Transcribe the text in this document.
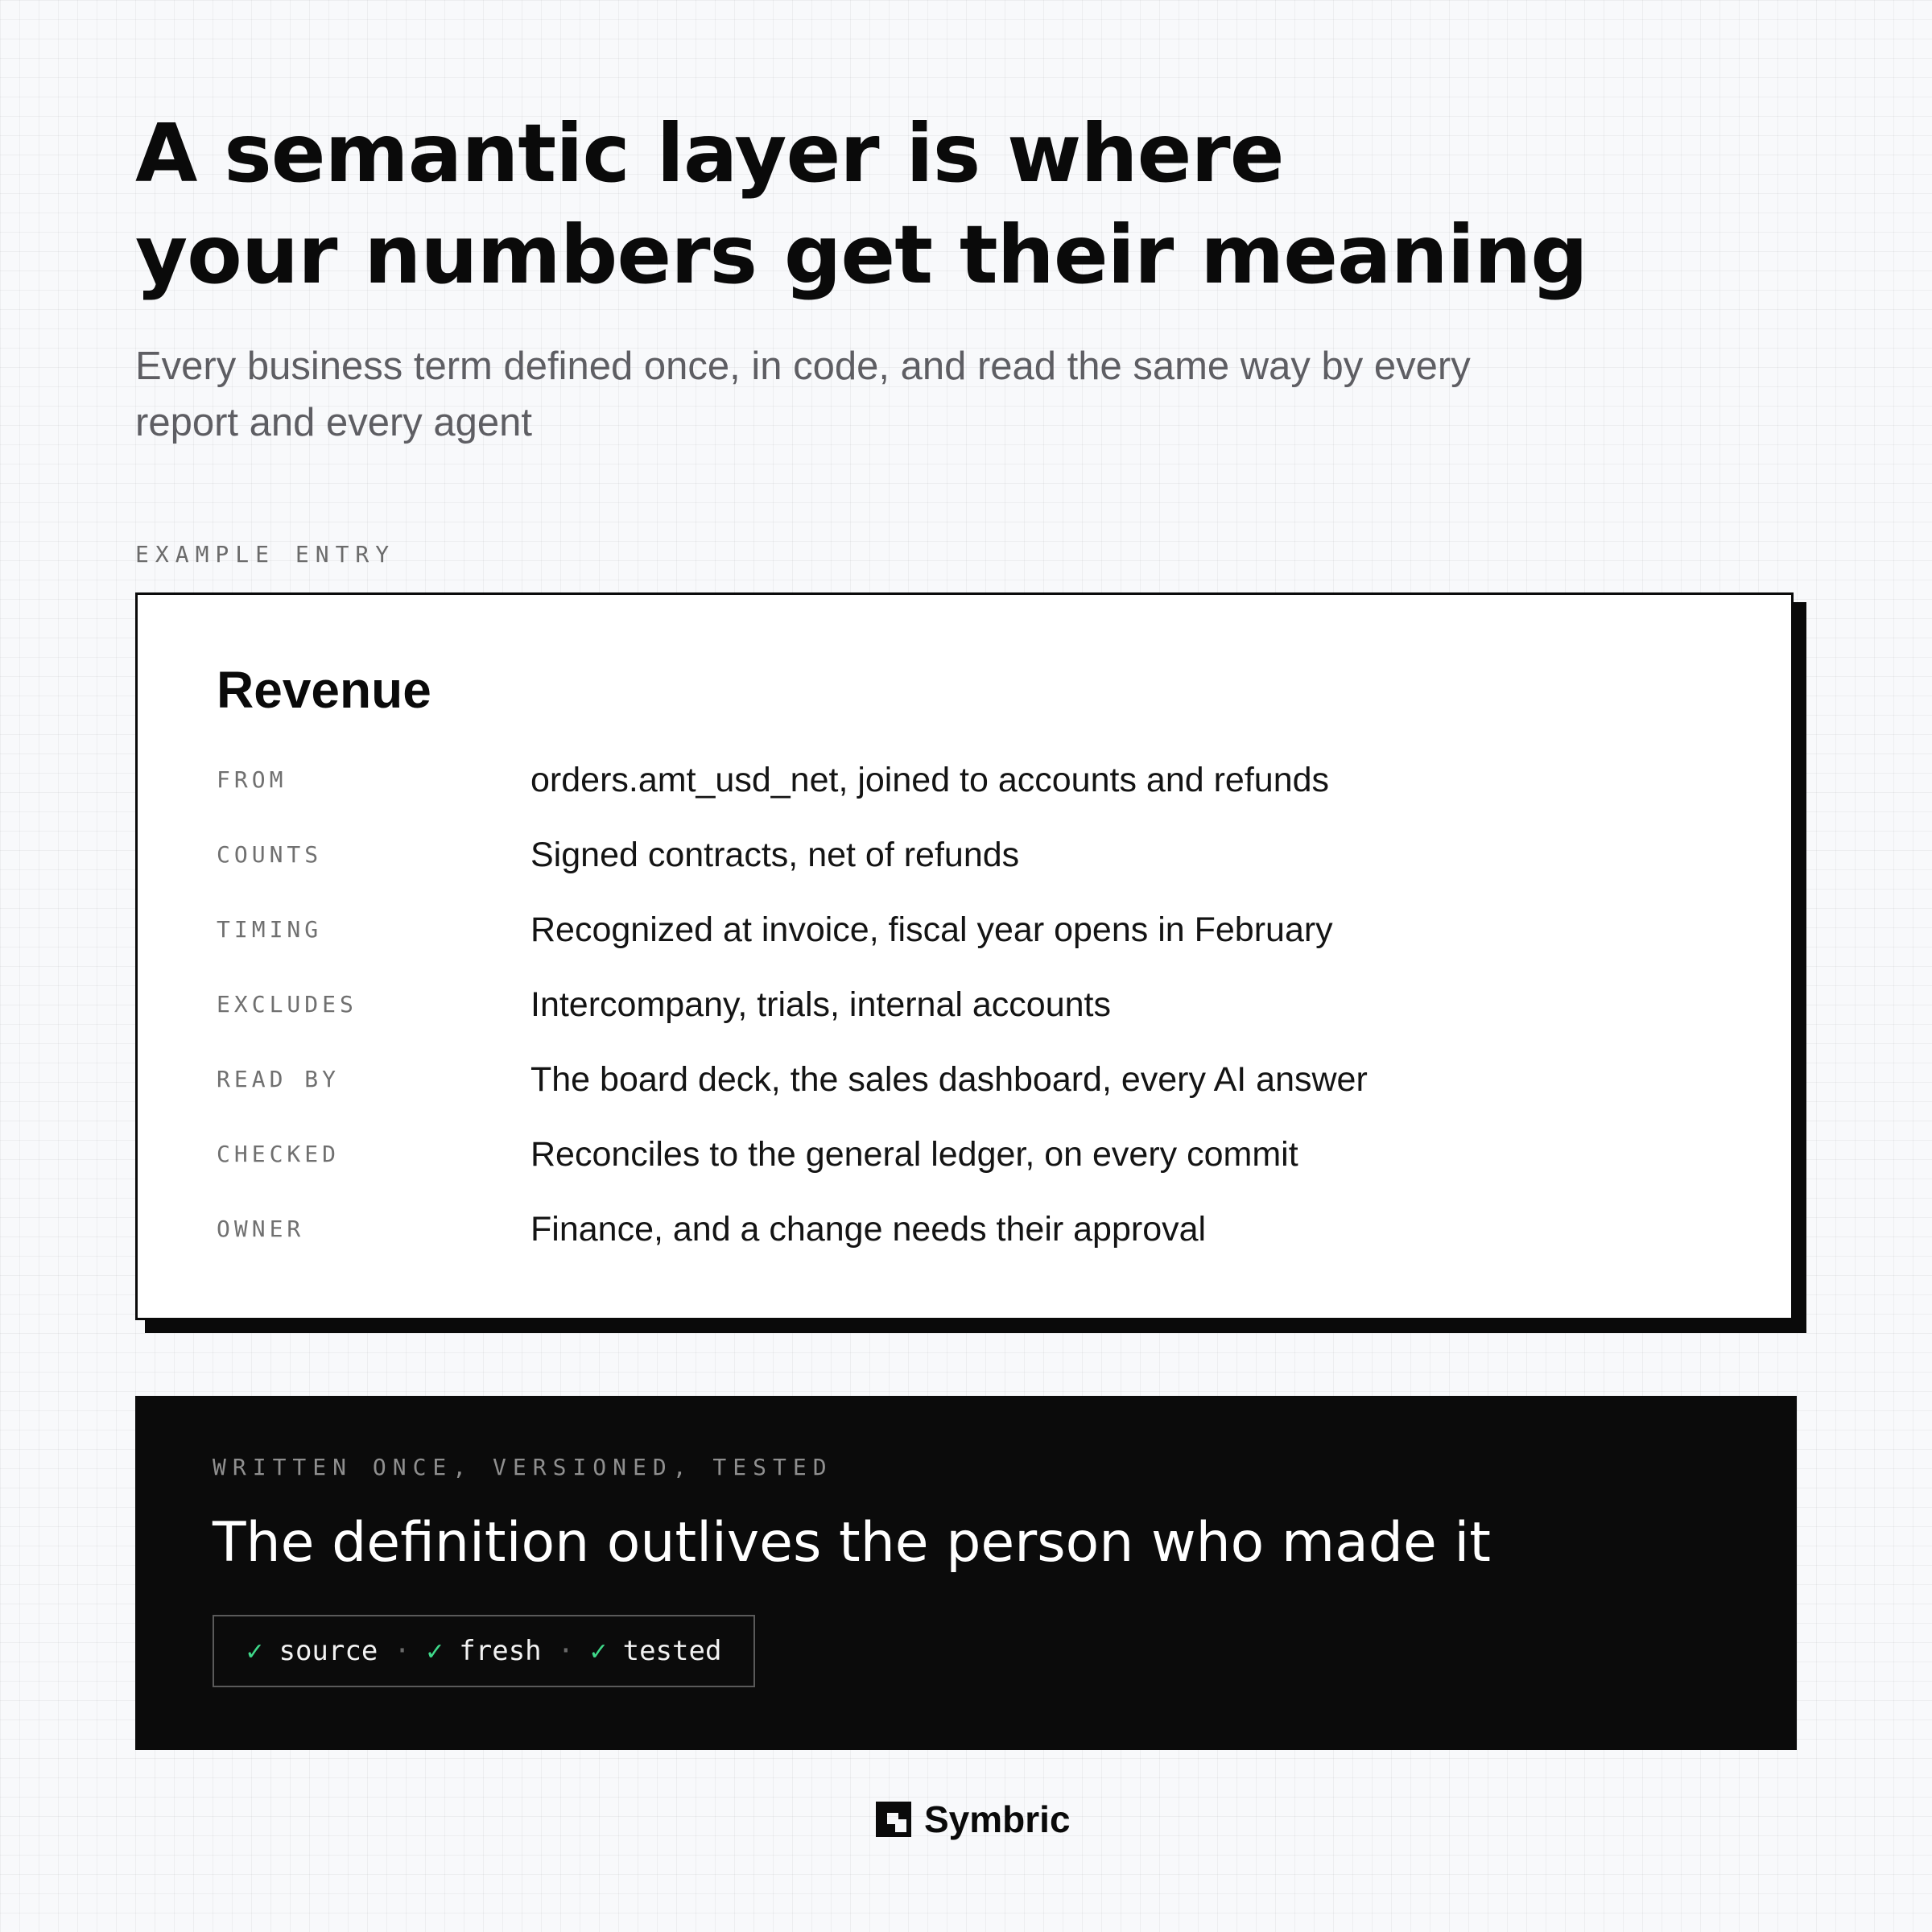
A semantic layer is where
your numbers get their meaning

Every business term defined once, in code, and read the same way by every report and every agent

EXAMPLE ENTRY
Revenue
FROM	orders.amt_usd_net, joined to accounts and refunds
COUNTS	Signed contracts, net of refunds
TIMING	Recognized at invoice, fiscal year opens in February
EXCLUDES	Intercompany, trials, internal accounts
READ BY	The board deck, the sales dashboard, every AI answer
CHECKED	Reconciles to the general ledger, on every commit
OWNER	Finance, and a change needs their approval
WRITTEN ONCE, VERSIONED, TESTED
The definition outlives the person who made it
✓ source · ✓ fresh · ✓ tested
Symbric
